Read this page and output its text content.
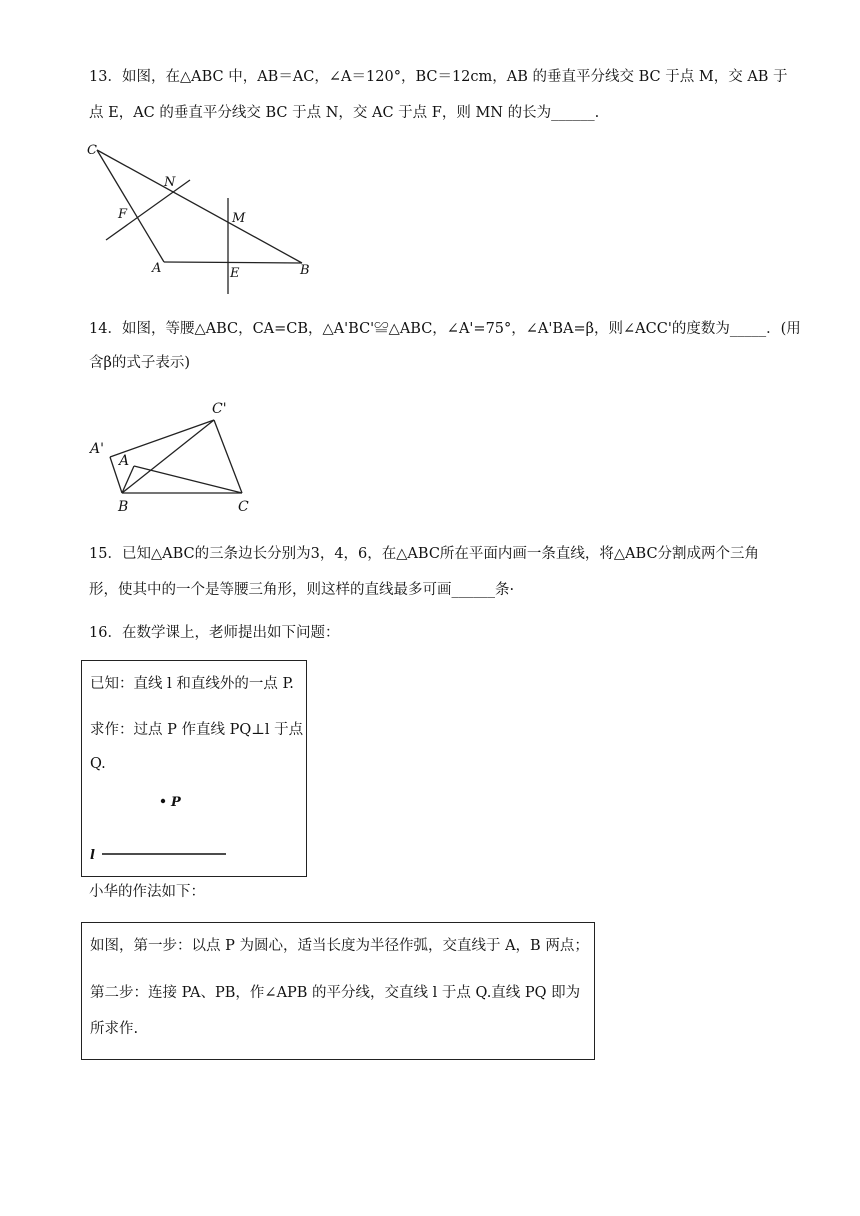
13．如图，在△ABC 中，AB＝AC，∠A＝120°，BC＝12cm，AB 的垂直平分线交 BC 于点 M，交 AB 于
点 E，AC 的垂直平分线交 BC 于点 N，交 AC 于点 F，则 MN 的长为______.
C
N
F	M
A	E	B
14．如图，等腰△ABC，CA=CB，△A'BC'≌△ABC，∠A'=75°，∠A'BA=β，则∠ACC'的度数为_____．(用
含β的式子表示)
C'
A'
A
B	C
15．已知△ABC的三条边长分别为3，4，6，在△ABC所在平面内画一条直线，将△ABC分割成两个三角
形，使其中的一个是等腰三角形，则这样的直线最多可画______条·
16．在数学课上，老师提出如下问题：
已知：直线 l 和直线外的一点 P.
求作：过点 P 作直线 PQ⊥l 于点
Q.
P
l
小华的作法如下：
如图，第一步：以点 P 为圆心，适当长度为半径作弧，交直线于 A，B 两点；
第二步：连接 PA、PB，作∠APB 的平分线，交直线 l 于点 Q.直线 PQ 即为
所求作.
